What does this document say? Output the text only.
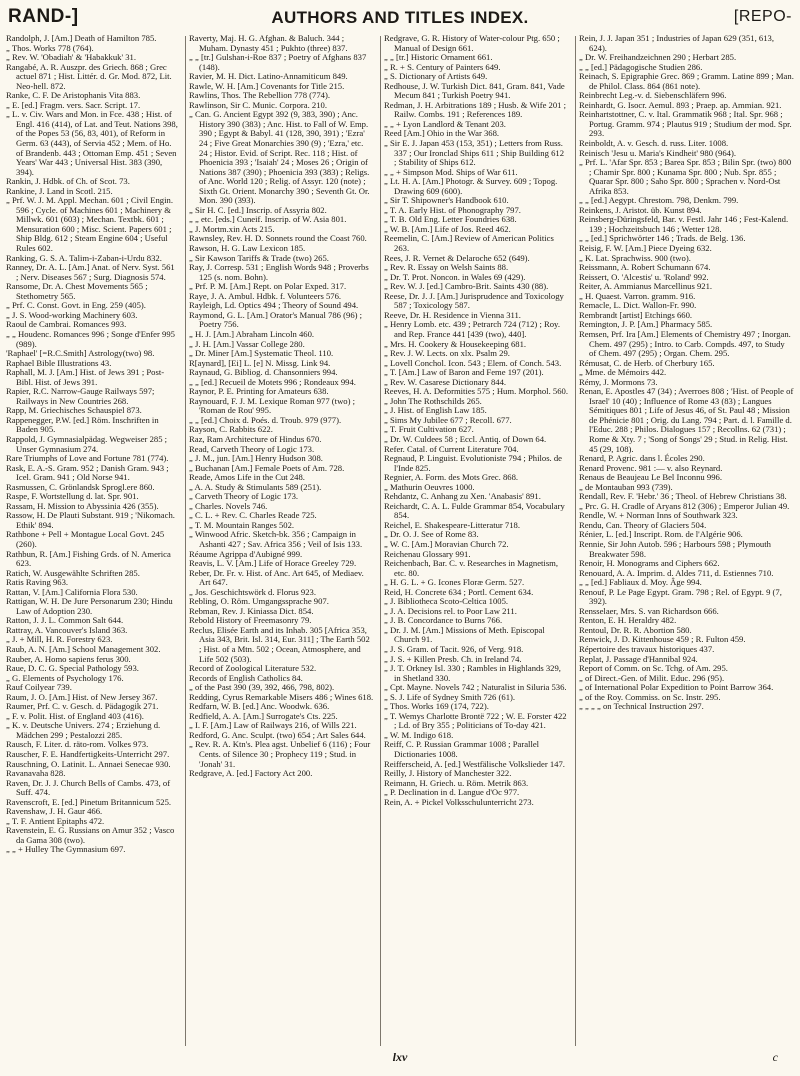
RAND-]	AUTHORS AND TITLES INDEX.	[REPO-

Randolph, J. [Am.] Death of Hamilton 785.

„ Thos. Works 778 (764).

„ Rev. W. 'Obadiah' & 'Habakkuk' 31.

Rangabé, A. R. Auszpr. des Griech. 868 ; Grec actuel 871 ; Hist. Littér. d. Gr. Mod. 872, Lit. Neo-hell. 872.

Ranke, C. F. De Aristophanis Vita 883.

„ E. [ed.] Fragm. vers. Sacr. Script. 17.

„ L. v. Civ. Wars and Mon. in Fce. 438 ; Hist. of Engl. 416 (414), of Lat. and Teut. Nations 398, of the Popes 53 (56, 83, 401), of Reform in Germ. 63 (443), of Servia 452 ; Mem. of Ho. of Brandenb. 443 ; Ottoman Emp. 451 ; Seven Years' War 443 ; Universal Hist. 383 (390, 394).

Rankin, J. Hdbk. of Ch. of Scot. 73.

Rankine, J. Land in Scotl. 215.

„ Prf. W. J. M. Appl. Mechan. 601 ; Civil Engin. 596 ; Cycle. of Machines 601 ; Machinery & Millwk. 601 (603) ; Mechan. Textbk. 601 ; Mensuration 600 ; Misc. Scient. Papers 601 ; Ship Bldg. 612 ; Steam Engine 604 ; Useful Rules 602.

Ranking, G. S. A. Talim-i-Zaban-i-Urdu 832.

Ranney, Dr. A. L. [Am.] Anat. of Nerv. Syst. 561 ; Nerv. Diseases 567 ; Surg. Diagnosis 574.

Ransome, Dr. A. Chest Movements 565 ; Stethometry 565.

„ Prf. C. Const. Govt. in Eng. 259 (405).

„ J. S. Wood-working Machinery 603.

Raoul de Cambrai. Romances 993.

„ „ Houdenc. Romances 996 ; Songe d'Enfer 995 (989).

'Raphael' [=R.C.Smith] Astrology(two) 98.

Raphael Bible Illustrations 43.

Raphall, M. J. [Am.] Hist. of Jews 391 ; Post-Bibl. Hist. of Jews 391.

Rapier, R.C. Narrow-Gauge Railways 597; Railways in New Countries 268.

Rapp, M. Griechisches Schauspiel 873.

Rappenegger, P.W. [ed.] Röm. Inschriften in Baden 905.

Rappold, J. Gymnasialpädag. Wegweiser 285 ; Unser Gymnasium 274.

Rare Triumphs of Love and Fortune 781 (774).

Rask, E. A.-S. Gram. 952 ; Danish Gram. 943 ; Icel. Gram. 941 ; Old Norse 941.

Rasmussen, C. Grönlandsk Sprogl.ere 860.

Raspe, F. Wortstellung d. lat. Spr. 901.

Rassam, H. Mission to Abyssinia 426 (355).

Rassow, H. De Plauti Substant. 919 ; 'Nikomach. Ethik' 894.

Rathbone + Pell + Montague Local Govt. 245 (260).

Rathbun, R. [Am.] Fishing Grds. of N. America 623.

Ratich, W. Ausgewählte Schriften 285.

Ratis Raving 963.

Rattan, V. [Am.] California Flora 530.

Rattigan, W. H. De Jure Personarum 230; Hindu Law of Adoption 230.

Ratton, J. J. L. Common Salt 644.

Rattray, A. Vancouver's Island 363.

„ J. + Mill, H. R. Forestry 623.

Raub, A. N. [Am.] School Management 302.

Rauber, A. Homo sapiens ferus 300.

Raue, D. C. G. Special Pathology 593.

„ G. Elements of Psychology 176.

Rauf Coilyear 739.

Raum, J. O. [Am.] Hist. of New Jersey 367.

Raumer, Prf. C. v. Gesch. d. Pädagogik 271.

„ F. v. Polit. Hist. of England 403 (416).

„ K. v. Deutsche Univers. 274 ; Erziehung d. Mädchen 299 ; Pestalozzi 285.

Rausch, F. Liter. d. räto-rom. Volkes 973.

Rauscher, F. E. Handfertigkeits-Unterricht 297.

Rauschning, O. Latinit. L. Annaei Senecae 930.

Ravanavaha 828.

Raven, Dr. J. J. Church Bells of Cambs. 473, of Suff. 474.

Ravenscroft, E. [ed.] Pinetum Britannicum 525.

Ravenshaw, J. H. Gaur 466.

„ T. F. Antient Epitaphs 472.

Ravenstein, E. G. Russians on Amur 352 ; Vasco da Gama 308 (two).

„ „ + Hulley The Gymnasium 697.

Raverty, Maj. H. G. Afghan. & Baluch. 344 ; Muham. Dynasty 451 ; Pukhto (three) 837.

„ „ [tr.] Gulshan-i-Roe 837 ; Poetry of Afghans 837 (148).

Ravier, M. H. Dict. Latino-Annamiticum 849.

Rawle, W. H. [Am.] Covenants for Title 215.

Rawlins, Thos. The Rebellion 778 (774).

Rawlinson, Sir C. Munic. Corpora. 210.

„ Can. G. Ancient Egypt 392 (9, 383, 390) ; Anc. History 390 (383) ; Anc. Hist. to Fall of W. Emp. 390 ; Egypt & Babyl. 41 (128, 390, 391) ; 'Ezra' 24 ; Five Great Monarchies 390 (9) ; 'Ezra,' etc. 24 ; Histor. Evid. of Script. Rec. 118 ; Hist. of Phoenicia 393 ; 'Isaiah' 24 ; Moses 26 ; Origin of Nations 387 (390) ; Phoenicia 393 (383) ; Religs. of Anc. World 120 ; Relig. of Assyr. 120 (note) ; Sixth Gt. Orient. Monarchy 390 ; Seventh Gt. Or. Mon. 390 (393).

„ Sir H. C. [ed.] Inscrip. of Assyria 802.

„ „ etc. [eds.] Cuneif. Inscrip. of W. Asia 801.

„ J. Mortm.xin Acts 215.

Rawnsley, Rev. H. D. Sonnets round the Coast 760.

Rawson, H. G. Law Lexicon 185.

„ Sir Kawson Tariffs & Trade (two) 265.

Ray, J. Corresp. 531 ; English Words 948 ; Proverbs 125 (s. nom. Bohn).

„ Prf. P. M. [Am.] Rept. on Polar Exped. 317.

Raye, J. A. Ambul. Hdbk. f. Volunteers 576.

Rayleigh, Ld. Optics 494 ; Theory of Sound 494.

Raymond, G. L. [Am.] Orator's Manual 786 (96) ; Poetry 756.

„ H. J. [Am.] Abraham Lincoln 460.

„ J. H. [Am.] Vassar College 280.

„ Dr. Miner [Am.] Systematic Theol. 110.

R[aynard], [Ei] L. [e] N. Missg. Link 94.

Raynaud, G. Bibliog. d. Chansonniers 994.

„ „ [ed.] Recueil de Motets 996 ; Rondeaux 994.

Raynor, P. E. Printing for Amateurs 638.

Raynouard, F. J. M. Lexique Roman 977 (two) ; 'Roman de Rou' 995.

„ „ [ed.] Choix d. Poés. d. Troub. 979 (977).

Rayson, C. Rabbits 622.

Raz, Ram Architecture of Hindus 670.

Read, Carveth Theory of Logic 173.

„ J. M., jun. [Am.] Henry Hudson 308.

„ Buchanan [Am.] Female Poets of Am. 728.

Reade, Amos Life in the Cut 248.

„ A. A. Study & Stimulants 589 (251).

„ Carveth Theory of Logic 173.

„ Charles. Novels 746.

„ C. L. + Rev. C. Charles Reade 725.

„ T. M. Mountain Ranges 502.

„ Winwood Afric. Sketch-bk. 356 ; Campaign in Ashanti 427 ; Sav. Africa 356 ; Veil of Isis 133.

Réaume Agrippa d'Aubigné 999.

Reavis, L. V. [Am.] Life of Horace Greeley 729.

Reber, Dr. Fr. v. Hist. of Anc. Art 645, of Mediaev. Art 647.

„ Jos. Geschichtswörk d. Florus 923.

Rebling, O. Röm. Umgangssprache 907.

Rebman, Rev. J. Kiniassa Dict. 854.

Rebold History of Freemasonry 79.

Reclus, Elisée Earth and its Inhab. 305 [Africa 353, Asia 343, Brit. Isl. 314, Eur. 311] ; The Earth 502 ; Hist. of a Mtn. 502 ; Ocean, Atmosphere, and Life 502 (503).

Record of Zoological Literature 532.

Records of English Catholics 84.

„ of the Past 390 (39, 392, 466, 798, 802).

Redding, Cyrus Remarkable Misers 486 ; Wines 618.

Redfarn, W. B. [ed.] Anc. Woodwk. 636.

Redfield, A. A. [Am.] Surrogate's Cts. 225.

„ I. F. [Am.] Law of Railways 216, of Wills 221.

Redford, G. Anc. Sculpt. (two) 654 ; Art Sales 644.

„ Rev. R. A. Ktn's. Plea agst. Unbelief 6 (116) ; Four Cents. of Silence 30 ; Prophecy 119 ; Stud. in 'Jonah' 31.

Redgrave, A. [ed.] Factory Act 200.

Redgrave, G. R. History of Water-colour Ptg. 650 ; Manual of Design 661.

„ „ [tr.] Historic Ornament 661.

„ R. + S. Century of Painters 649.

„ S. Dictionary of Artists 649.

Redhouse, J. W. Turkish Dict. 841, Gram. 841, Vade Mecum 841 ; Turkish Poetry 941.

Redman, J. H. Arbitrations 189 ; Husb. & Wife 201 ; Railw. Combs. 191 ; References 189.

„ „ + Lyon Landlord & Tenant 203.

Reed [Am.] Ohio in the War 368.

„ Sir E. J. Japan 453 (153, 351) ; Letters from Russ. 337 ; Our Ironclad Ships 611 ; Ship Building 612 ; Stability of Ships 612.

„ „ + Simpson Mod. Ships of War 611.

„ Lt. H. A. [Am.] Photogr. & Survey. 609 ; Topog. Drawing 609 (600).

„ Sir T. Shipowner's Handbook 610.

„ T. A. Early Hist. of Phonography 797.

„ T. B. Old Eng. Letter Foundries 638.

„ W. B. [Am.] Life of Jos. Reed 462.

Reemelin, C. [Am.] Review of American Politics 263.

Rees, J. R. Vernet & Delaroche 652 (649).

„ Rev. R. Essay on Welsh Saints 88.

„ Dr. T. Prot. Noncon. in Wales 69 (429).

„ Rev. W. J. [ed.] Cambro-Brit. Saints 430 (88).

Reese, Dr. J. J. [Am.] Jurisprudence and Toxicology 587 ; Toxicology 587.

Reeve, Dr. H. Residence in Vienna 311.

„ Henry Lomb. etc. 439 ; Petrarch 724 (712) ; Roy. and Rep. France 441 [439 (two), 440].

„ Mrs. H. Cookery & Housekeeping 681.

„ Rev. J. W. Lects. on xlx. Psalm 29.

„ Lovell Conchol. Icon. 543 ; Elem. of Conch. 543.

„ T. [Am.] Law of Baron and Feme 197 (201).

„ Rev. W. Casarese Dictionary 844.

Reeves, H. A. Deformities 575 ; Hum. Morphol. 560.

„ John The Rothschilds 265.

„ J. Hist. of English Law 185.

„ Sims My Jubilee 677 ; Recoll. 677.

„ T. Fruit Cultivation 627.

„ Dr. W. Culdees 58 ; Eccl. Antiq. of Down 64.

Refer. Catal. of Current Literature 704.

Regnaud, P. Linguist. Evolutioniste 794 ; Philos. de l'Inde 825.

Regnier, A. Form. des Mots Grec. 868.

„ Mathurin Oeuvres 1000.

Rehdantz, C. Anhang zu Xen. 'Anabasis' 891.

Reichardt, C. A. L. Fulde Grammar 854, Vocabulary 854.

Reichel, E. Shakespeare-Litteratur 718.

„ Dr. O. J. See of Rome 83.

„ W. C. [Am.] Moravian Church 72.

Reichenau Glossary 991.

Reichenbach, Bar. C. v. Researches in Magnetism, etc. 80.

„ H. G. L. + G. Icones Floræ Germ. 527.

Reid, H. Concrete 634 ; Portl. Cement 634.

„ J. Bibliotheca Scoto-Celtica 1005.

„ J. A. Decisions rel. to Poor Law 211.

„ J. B. Concordance to Burns 766.

„ Dr. J. M. [Am.] Missions of Meth. Episcopal Church 91.

„ J. S. Gram. of Tacit. 926, of Verg. 918.

„ J. S. + Killen Presb. Ch. in Ireland 74.

„ J. T. Orkney Isl. 330 ; Rambles in Highlands 329, in Shetland 330.

„ Cpt. Mayne. Novels 742 ; Naturalist in Siluria 536.

„ S. J. Life of Sydney Smith 726 (61).

„ Thos. Works 169 (174, 722).

„ T. Wemys Charlotte Brontë 722 ; W. E. Forster 422 ; Ld. of Bry 355 ; Politicians of To-day 421.

„ W. M. Indigo 618.

Reiff, C. P. Russian Grammar 1008 ; Parallel Dictionaries 1008.

Reifferscheid, A. [ed.] Westfälische Volkslieder 147.

Reilly, J. History of Manchester 322.

Reimann, H. Griech. u. Röm. Metrik 863.

„ P. Declination in d. Langue d'Oc 977.

Rein, A. + Pickel Volksschulunterricht 273.

Rein, J. J. Japan 351 ; Industries of Japan 629 (351, 613, 624).

„ Dr. W. Freihandzeichnen 290 ; Herbart 285.

„ „ [ed.] Pädagogische Studien 286.

Reinach, S. Epigraphie Grec. 869 ; Gramm. Latine 899 ; Man. de Philol. Class. 864 (861 note).

Reinbrecht Leg.-v. d. Siebenschläfern 996.

Reinhardt, G. Isocr. Aemul. 893 ; Praep. ap. Ammian. 921.

Reinhartstottner, C. v. Ital. Grammatik 968 ; Ital. Spr. 968 ; Portug. Gramm. 974 ; Plautus 919 ; Studium der mod. Spr. 293.

Reinboldt, A. v. Gesch. d. russ. Liter. 1008.

Reinisch 'Jesu u. Maria's Kindheit' 980 (964).

„ Prf. L. 'Afar Spr. 853 ; Barea Spr. 853 ; Bilin Spr. (two) 800 ; Chamir Spr. 800 ; Kunama Spr. 800 ; Nub. Spr. 855 ; Quarar Spr. 800 ; Saho Spr. 800 ; Sprachen v. Nord-Ost Afrika 853.

„ „ [ed.] Aegypt. Chrestom. 798, Denkm. 799.

Reinkens, J. Aristot. üb. Kunst 894.

Reinsberg-Düringsfeld, Bar. v. Festl. Jahr 146 ; Fest-Kalend. 139 ; Hochzeitsbuch 146 ; Wetter 128.

„ „ [ed.] Sprichwörter 146 ; Trads. de Belg. 136.

Reisig, F. W. [Am.] Piece Dyeing 632.

„ K. Lat. Sprachwiss. 900 (two).

Reissmann, A. Robert Schumann 674.

Reissert, O. 'Alcestis' u. 'Roland' 992.

Reiter, A. Ammianus Marcellinus 921.

„ H. Quaest. Varron. gramm. 916.

Remacle, L. Dict. Wallon-Fr. 990.

Rembrandt [artist] Etchings 660.

Remington, J. P. [Am.] Pharmacy 585.

Remsen, Prf. Ira [Am.] Elements of Chemistry 497 ; Inorgan. Chem. 497 (295) ; Intro. to Carb. Compds. 497, to Study of Chem. 497 (295) ; Organ. Chem. 295.

Rémusat, C. de Herb. of Cherbury 165.

„ Mme. de Mémoirs 442.

Rémy, J. Mormons 73.

Renan, E. Apostles 47 (34) ; Averroes 808 ; 'Hist. of People of Israel' 10 (40) ; Influence of Rome 43 (83) ; Langues Sémitiques 801 ; Life of Jesus 46, of St. Paul 48 ; Mission de Phénicie 801 ; Orig. du Lang. 794 ; Part. d. l. Famille d. l'Educ. 288 ; Philos. Dialogues 157 ; Recollns. 62 (731) ; Rome & Xty. 7 ; 'Song of Songs' 29 ; Stud. in Relig. Hist. 45 (29, 108).

Renard, P. Agric. dans l. Écoles 290.

Renard Provenc. 981 :— v. also Reynard.

Renaus de Beaujeau Le Bel Inconnu 996.

„ de Montauban 993 (739).

Rendall, Rev. F. 'Hebr.' 36 ; Theol. of Hebrew Christians 38.

„ Prc. G. H. Cradle of Aryans 812 (306) ; Emperor Julian 49.

Rendle, W. + Norman Inns of Southwark 323.

Rendu, Can. Theory of Glaciers 504.

Rénier, L. [ed.] Inscript. Rom. de l'Algérie 906.

Rennie, Sir John Autob. 596 ; Harbours 598 ; Plymouth Breakwater 598.

Renoir, H. Monograms and Ciphers 662.

Renouard, A. A. Imprim. d. Aldes 711, d. Estiennes 710.

„ „ [ed.] Fabliaux d. Moy. Âge 994.

Renouf, P. Le Page Egypt. Gram. 798 ; Rel. of Egypt. 9 (7, 392).

Rensselaer, Mrs. S. van Richardson 666.

Renton, E. H. Heraldry 482.

Rentoul, Dr. R. R. Abortion 580.

Renwick, J. D. Kittenhouse 459 ; R. Fulton 459.

Répertoire des travaux historiques 437.

Replat, J. Passage d'Hannibal 924.

Report of Comm. on Sc. Tchg. of Am. 295.

„ of Direct.-Gen. of Milit. Educ. 296 (95).

„ of International Polar Expedition to Point Barrow 364.

„ of the Roy. Commiss. on Sc. Instr. 295.

„ „ „ „ on Technical Instruction 297.

lxv	c
